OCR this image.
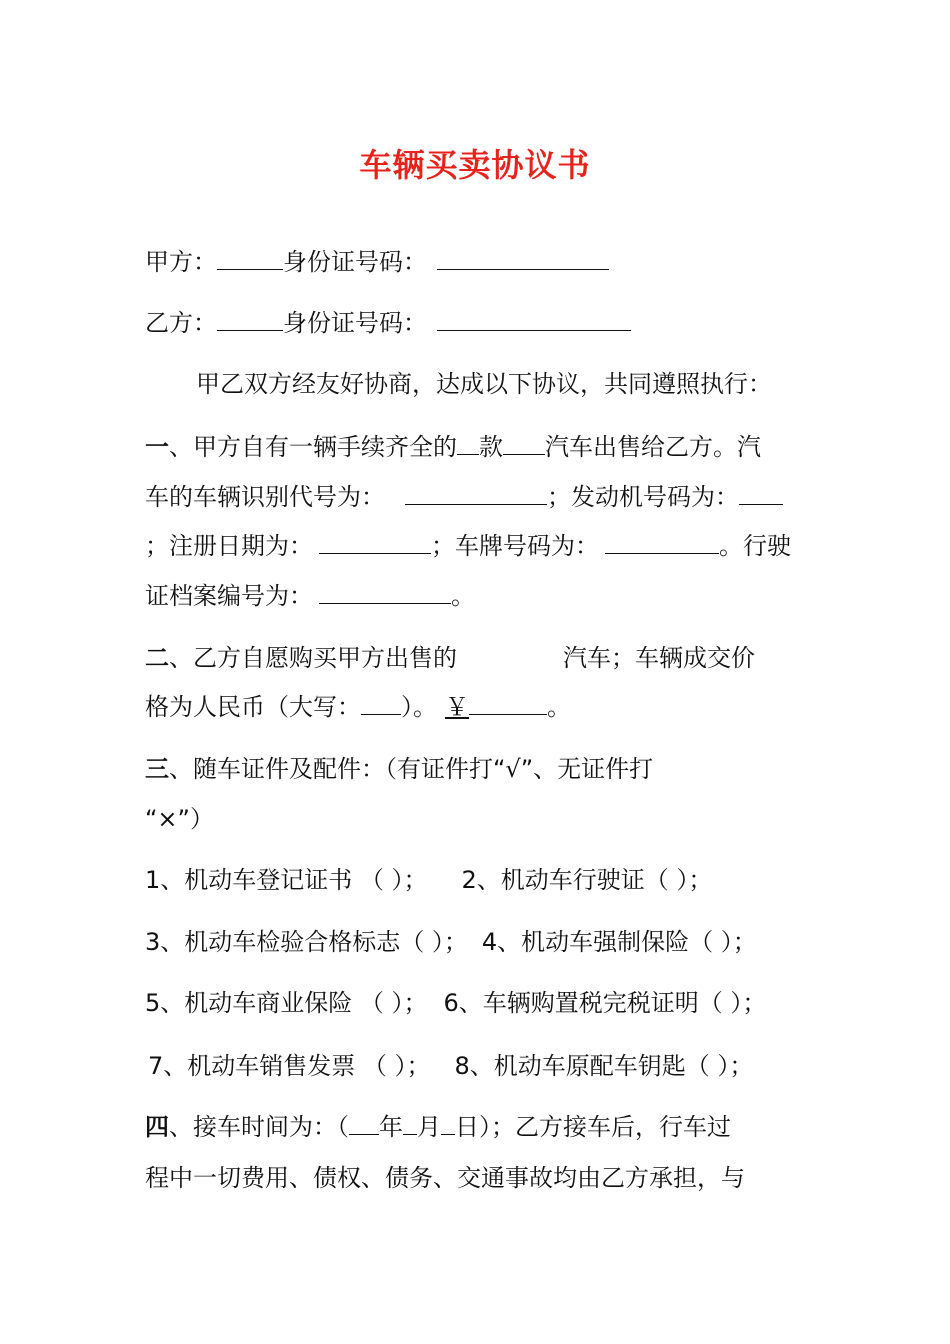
车辆买卖协议书
甲方：	身份证号码：
乙方：	身份证号码：
甲乙双方经友好协商，达成以下协议，共同遵照执行：
一、甲方自有一辆手续齐全的 款 汽车出售给乙方。汽
车的车辆识别代号为：	；发动机号码为：
；注册日期为：	；车牌号码为：	。行驶
证档案编号为：	。
二、乙方自愿购买甲方出售的	汽车；车辆成交价
格为人民币（大写： ）。 ￥	。
三、随车证件及配件：（有证件打“√”、无证件打
“×”）
1、机动车登记证书 （ ）； 2、机动车行驶证（ ）；
3、机动车检验合格标志（ ）； 4、机动车强制保险（ ）；
5、机动车商业保险 （ ）； 6、车辆购置税完税证明（ ）；
7、机动车销售发票 （ ）； 8、机动车原配车钥匙（ ）；
四、接车时间为：（ 年 月 日）；乙方接车后，行车过
程中一切费用、债权、债务、交通事故均由乙方承担，与
